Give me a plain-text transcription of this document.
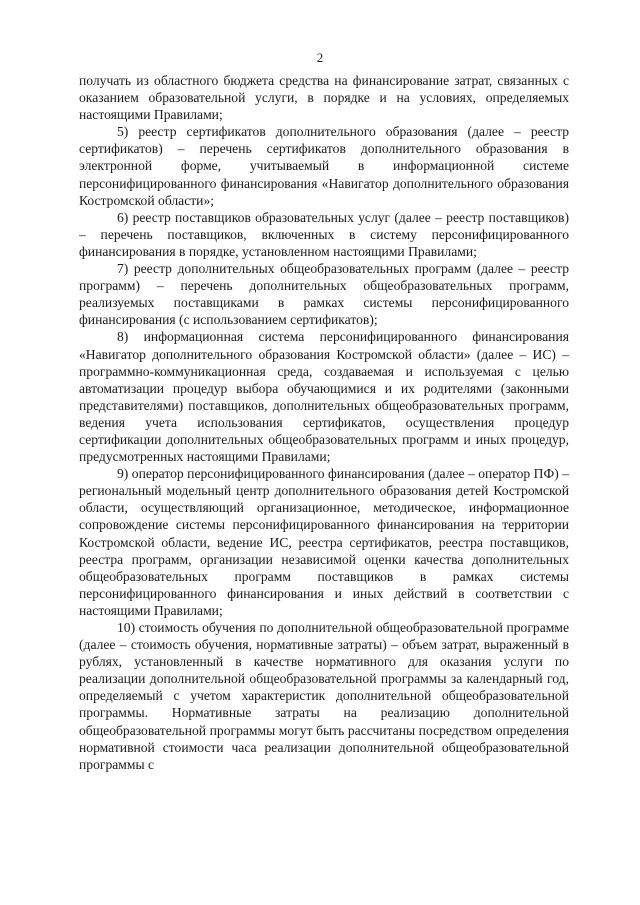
2

получать из областного бюджета средства на финансирование затрат, связанных с оказанием образовательной услуги, в порядке и на условиях, определяемых настоящими Правилами;

5) реестр сертификатов дополнительного образования (далее – реестр сертификатов) – перечень сертификатов дополнительного образования в электронной форме, учитываемый в информационной системе персонифицированного финансирования «Навигатор дополнительного образования Костромской области»;

6) реестр поставщиков образовательных услуг (далее – реестр поставщиков) – перечень поставщиков, включенных в систему персонифицированного финансирования в порядке, установленном настоящими Правилами;

7) реестр дополнительных общеобразовательных программ (далее – реестр программ) – перечень дополнительных общеобразовательных программ, реализуемых поставщиками в рамках системы персонифицированного финансирования (с использованием сертификатов);

8) информационная система персонифицированного финансирования «Навигатор дополнительного образования Костромской области» (далее – ИС) – программно-коммуникационная среда, создаваемая и используемая с целью автоматизации процедур выбора обучающимися и их родителями (законными представителями) поставщиков, дополнительных общеобразовательных программ, ведения учета использования сертификатов, осуществления процедур сертификации дополнительных общеобразовательных программ и иных процедур, предусмотренных настоящими Правилами;

9) оператор персонифицированного финансирования (далее – оператор ПФ) – региональный модельный центр дополнительного образования детей Костромской области, осуществляющий организационное, методическое, информационное сопровождение системы персонифицированного финансирования на территории Костромской области, ведение ИС, реестра сертификатов, реестра поставщиков, реестра программ, организации независимой оценки качества дополнительных общеобразовательных программ поставщиков в рамках системы персонифицированного финансирования и иных действий в соответствии с настоящими Правилами;

10) стоимость обучения по дополнительной общеобразовательной программе (далее – стоимость обучения, нормативные затраты) – объем затрат, выраженный в рублях, установленный в качестве нормативного для оказания услуги по реализации дополнительной общеобразовательной программы за календарный год, определяемый с учетом характеристик дополнительной общеобразовательной программы. Нормативные затраты на реализацию дополнительной общеобразовательной программы могут быть рассчитаны посредством определения нормативной стоимости часа реализации дополнительной общеобразовательной программы с
